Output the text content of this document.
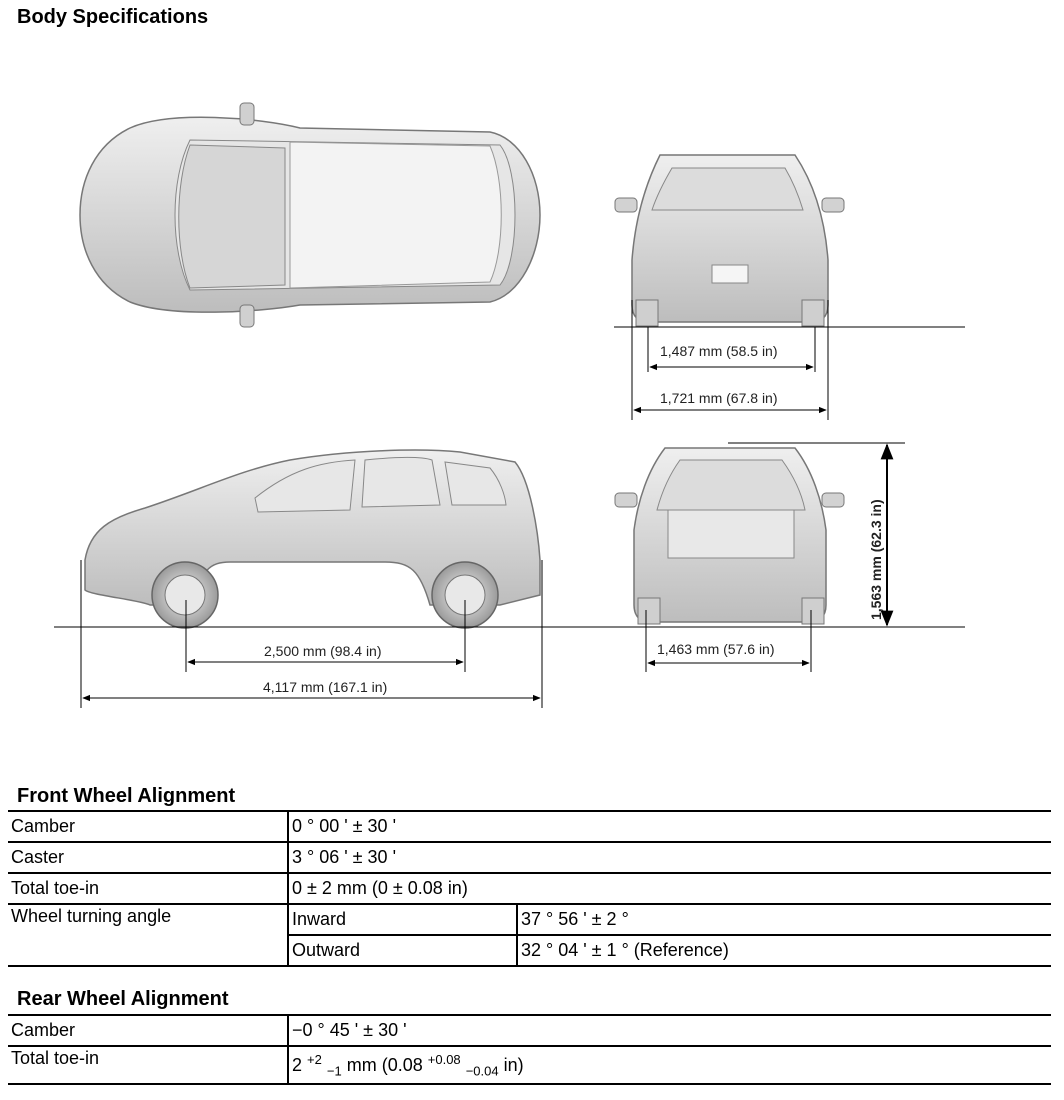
Body Specifications
1,487 mm (58.5 in)
1,721 mm (67.8 in)
2,500 mm (98.4 in)
4,117 mm (167.1 in)
1,463 mm (57.6 in)
1,563 mm (62.3 in)
Front Wheel Alignment
Camber	0 ° 00 ' ± 30 '	
Caster	3 ° 06 ' ± 30 '	
Total toe-in	0 ± 2 mm (0 ± 0.08 in)	
Wheel turning angle	Inward	37 ° 56 ' ± 2 °
	Outward	32 ° 04 ' ± 1 ° (Reference)
Rear Wheel Alignment
Camber	−0 ° 45 ' ± 30 '
Total toe-in	2 $^{+2}$ $_{-1}$ mm (0.08 $^{+0.08}$ $_{-0.04}$ in)
